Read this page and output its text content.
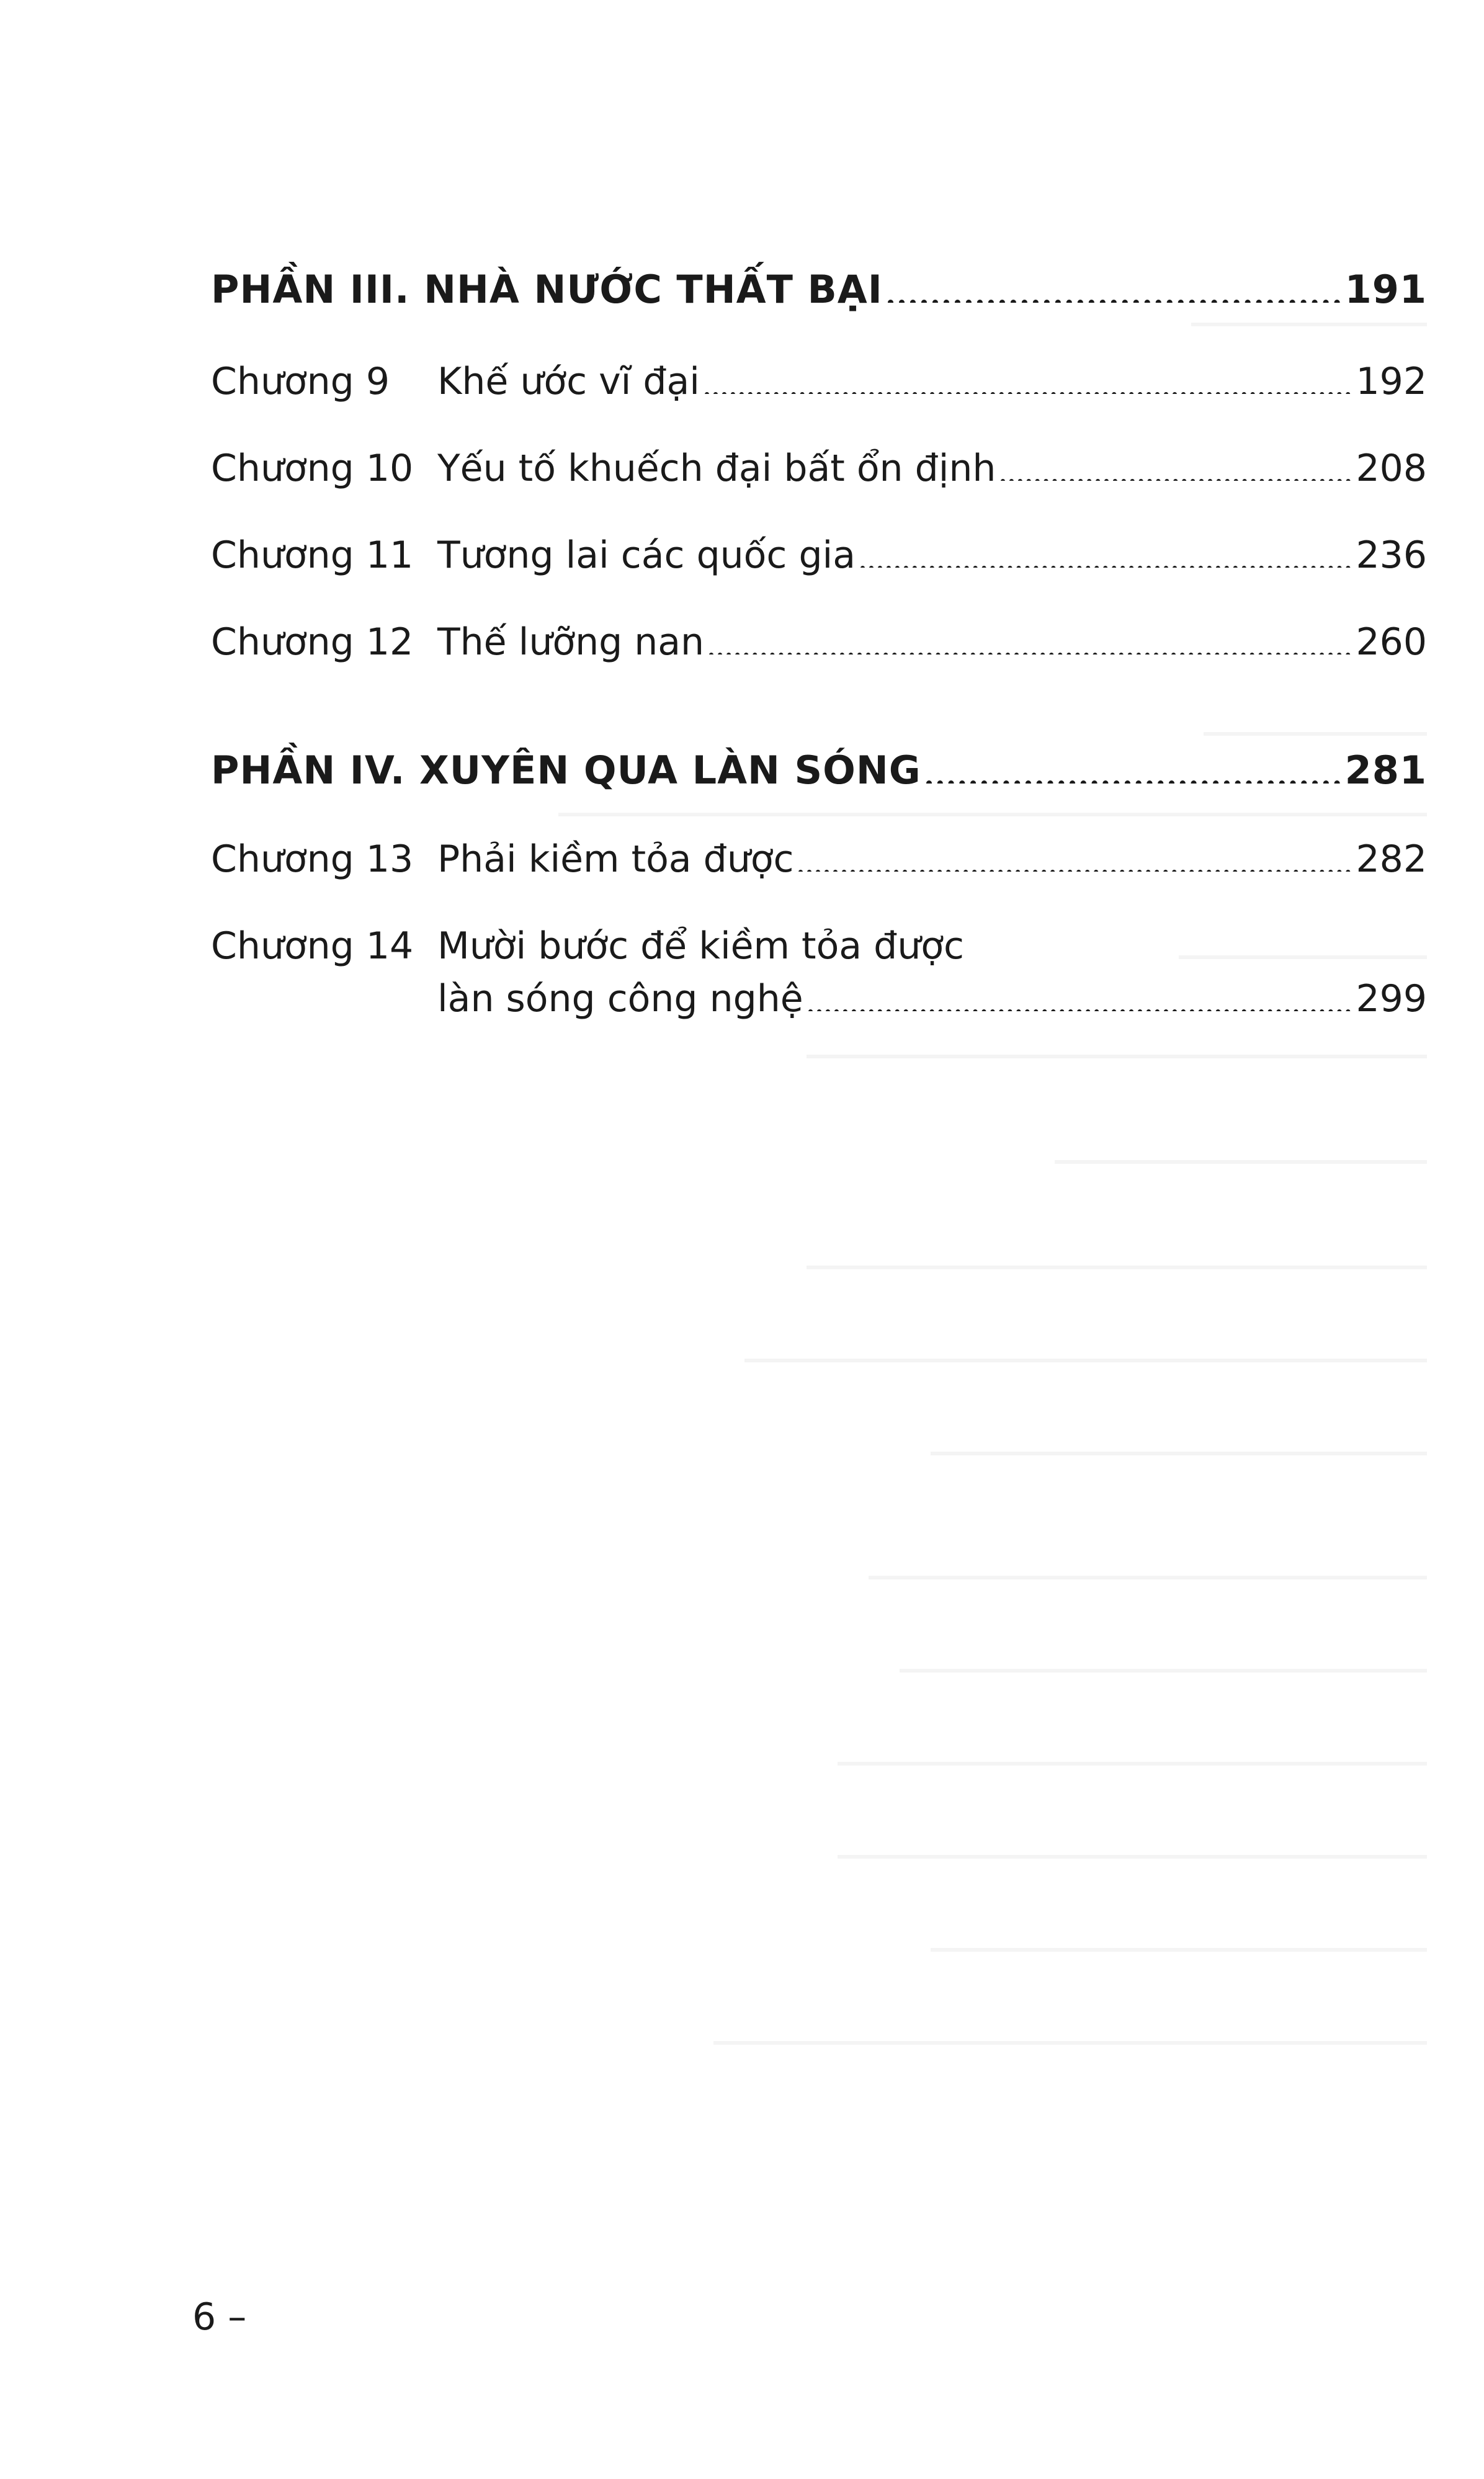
PHẦN III. NHÀ NƯỚC THẤT BẠI	191
Chương 9	Khế ước vĩ đại	192
Chương 10 Yếu tố khuếch đại bất ổn định	208
Chương 11 Tương lai các quốc gia	236
Chương 12 Thế lưỡng nan	260
PHẦN IV. XUYÊN QUA LÀN SÓNG	281
Chương 13 Phải kiềm tỏa được	282
Chương 14 Mười bước để kiềm tỏa được
làn sóng công nghệ	299
6 –
